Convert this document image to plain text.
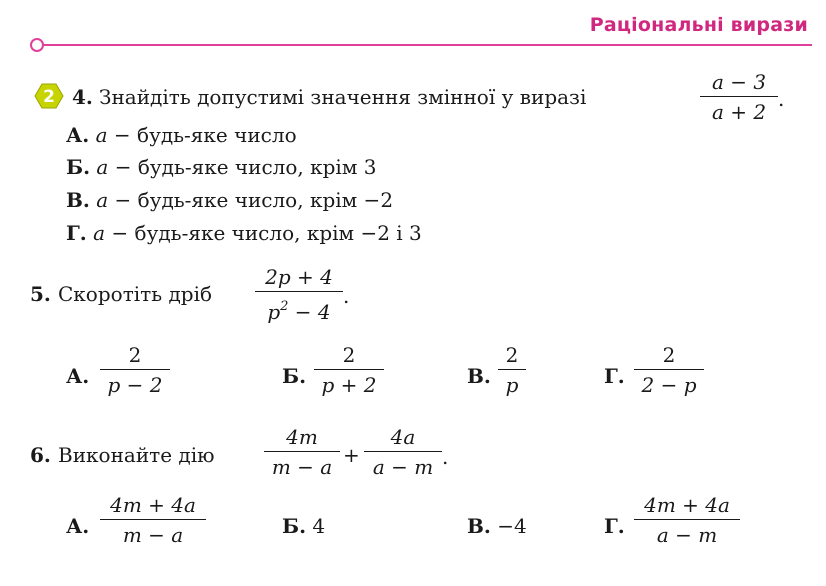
Раціональні вирази
2 4. Знайдіть допустимі значення змінної у виразі	$\frac{a - 3}{a + 2}$ .
А. a − будь-яке число
Б. a − будь-яке число, крім 3
В. a − будь-яке число, крім −2
Г. a − будь-яке число, крім −2 і 3
5. Скоротіть дріб $\frac{2p + 4}{p^2 - 4}$ .
А. $\frac{2}{p - 2}$	Б. $\frac{2}{p + 2}$	В. $\frac{2}{p}$	Г. $\frac{2}{2 - p}$
6. Виконайте дію $\frac{4m}{m - a} + \frac{4a}{a - m}$ .
А. $\frac{4m + 4a}{m - a}$	Б. 4	В. −4	Г. $\frac{4m + 4a}{a - m}$
